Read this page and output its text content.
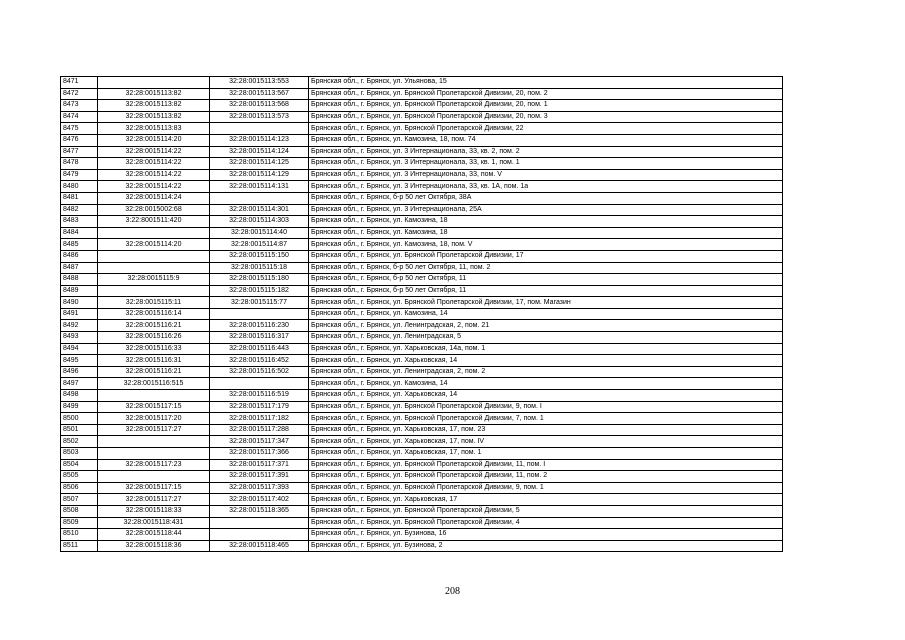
8471		32:28:0015113:553	Брянская обл., г. Брянск, ул. Ульянова, 15
8472	32:28:0015113:82	32:28:0015113:567	Брянская обл., г. Брянск, ул. Брянской Пролетарской Дивизии, 20, пом. 2
8473	32:28:0015113:82	32:28:0015113:568	Брянская обл., г. Брянск, ул. Брянской Пролетарской Дивизии, 20, пом. 1
8474	32:28:0015113:82	32:28:0015113:573	Брянская обл., г. Брянск, ул. Брянской Пролетарской Дивизии, 20, пом. 3
8475	32:28:0015113:83		Брянская обл., г. Брянск, ул. Брянской Пролетарской Дивизии, 22
8476	32:28:0015114:20	32:28:0015114:123	Брянская обл., г. Брянск, ул. Камозина, 18, пом. 74
8477	32:28:0015114:22	32:28:0015114:124	Брянская обл., г. Брянск, ул. 3 Интернационала, 33, кв. 2, пом. 2
8478	32:28:0015114:22	32:28:0015114:125	Брянская обл., г. Брянск, ул. 3 Интернационала, 33, кв. 1, пом. 1
8479	32:28:0015114:22	32:28:0015114:129	Брянская обл., г. Брянск, ул. 3 Интернационала, 33, пом. V
8480	32:28:0015114:22	32:28:0015114:131	Брянская обл., г. Брянск, ул. 3 Интернационала, 33, кв. 1А, пом. 1а
8481	32:28:0015114:24		Брянская обл., г. Брянск, б-р 50 лет Октября, 38А
8482	32:28:0015002:68	32:28:0015114:301	Брянская обл., г. Брянск, ул. 3 Интернационала, 25А
8483	3:22:8001511:420	32:28:0015114:303	Брянская обл., г. Брянск, ул. Камозина, 18
8484		32:28:0015114:40	Брянская обл., г. Брянск, ул. Камозина, 18
8485	32:28:0015114:20	32:28:0015114:87	Брянская обл., г. Брянск, ул. Камозина, 18, пом. V
8486		32:28:0015115:150	Брянская обл., г. Брянск, ул. Брянской Пролетарской Дивизии, 17
8487		32:28:0015115:18	Брянская обл., г. Брянск, б-р 50 лет Октября, 11, пом. 2
8488	32:28:0015115:9	32:28:0015115:180	Брянская обл., г. Брянск, б-р 50 лет Октября, 11
8489		32:28:0015115:182	Брянская обл., г. Брянск, б-р 50 лет Октября, 11
8490	32:28:0015115:11	32:28:0015115:77	Брянская обл., г. Брянск, ул. Брянской Пролетарской Дивизии, 17, пом. Магазин
8491	32:28:0015116:14		Брянская обл., г. Брянск, ул. Камозина, 14
8492	32:28:0015116:21	32:28:0015116:230	Брянская обл., г. Брянск, ул. Ленинградская, 2, пом. 21
8493	32:28:0015116:26	32:28:0015116:317	Брянская обл., г. Брянск, ул. Ленинградская, 5
8494	32:28:0015116:33	32:28:0015116:443	Брянская обл., г. Брянск, ул. Харьковская, 14а, пом. 1
8495	32:28:0015116:31	32:28:0015116:452	Брянская обл., г. Брянск, ул. Харьковская, 14
8496	32:28:0015116:21	32:28:0015116:502	Брянская обл., г. Брянск, ул. Ленинградская, 2, пом. 2
8497	32:28:0015116:515		Брянская обл., г. Брянск, ул. Камозина, 14
8498		32:28:0015116:519	Брянская обл., г. Брянск, ул. Харьковская, 14
8499	32:28:0015117:15	32:28:0015117:179	Брянская обл., г. Брянск, ул. Брянской Пролетарской Дивизии, 9, пом. I
8500	32:28:0015117:20	32:28:0015117:182	Брянская обл., г. Брянск, ул. Брянской Пролетарской Дивизии, 7, пом. 1
8501	32:28:0015117:27	32:28:0015117:288	Брянская обл., г. Брянск, ул. Харьковская, 17, пом. 23
8502		32:28:0015117:347	Брянская обл., г. Брянск, ул. Харьковская, 17, пом. IV
8503		32:28:0015117:366	Брянская обл., г. Брянск, ул. Харьковская, 17, пом. 1
8504	32:28:0015117:23	32:28:0015117:371	Брянская обл., г. Брянск, ул. Брянской Пролетарской Дивизии, 11, пом. I
8505		32:28:0015117:391	Брянская обл., г. Брянск, ул. Брянской Пролетарской Дивизии, 11, пом. 2
8506	32:28:0015117:15	32:28:0015117:393	Брянская обл., г. Брянск, ул. Брянской Пролетарской Дивизии, 9, пом. 1
8507	32:28:0015117:27	32:28:0015117:402	Брянская обл., г. Брянск, ул. Харьковская, 17
8508	32:28:0015118:33	32:28:0015118:365	Брянская обл., г. Брянск, ул. Брянской Пролетарской Дивизии, 5
8509	32:28:0015118:431		Брянская обл., г. Брянск, ул. Брянской Пролетарской Дивизии, 4
8510	32:28:0015118:44		Брянская обл., г. Брянск, ул. Бузинова, 16
8511	32:28:0015118:36	32:28:0015118:465	Брянская обл., г. Брянск, ул. Бузинова, 2
208
